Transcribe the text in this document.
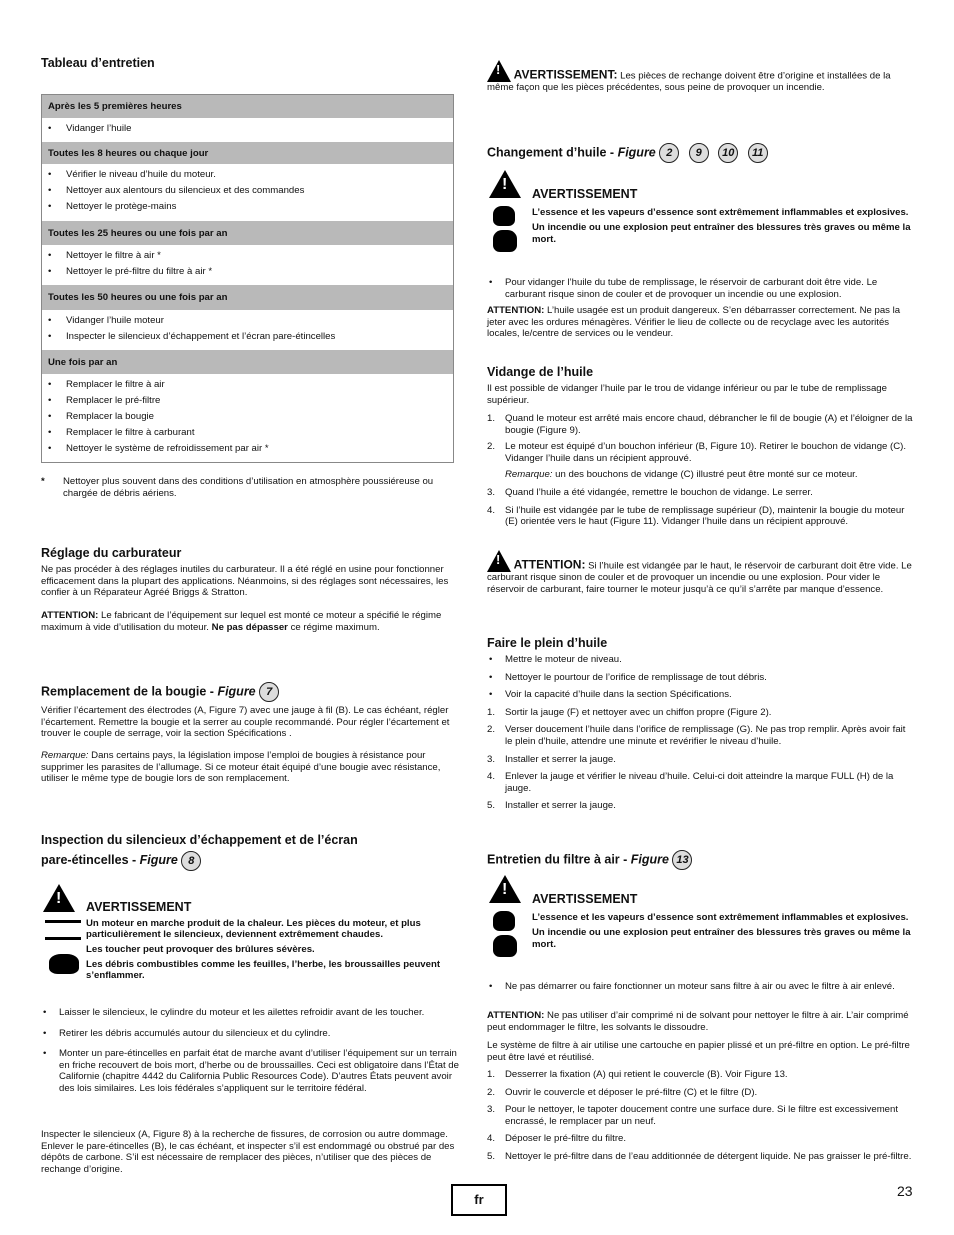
Tableau d’entretien
Après les 5 premières heures
• Vidanger l’huile
Toutes les 8 heures ou chaque jour
• Vérifier le niveau d’huile du moteur.
• Nettoyer aux alentours du silencieux et des commandes
• Nettoyer le protège-mains
Toutes les 25 heures ou une fois par an
• Nettoyer le filtre à air *
• Nettoyer le pré-filtre du filtre à air *
Toutes les 50 heures ou une fois par an
• Vidanger l’huile moteur
• Inspecter le silencieux d’échappement et l’écran pare-étincelles
Une fois par an
• Remplacer le filtre à air
• Remplacer le pré-filtre
• Remplacer la bougie
• Remplacer le filtre à carburant
• Nettoyer le système de refroidissement par air *
*	Nettoyer plus souvent dans des conditions d’utilisation en atmosphère poussiéreuse ou chargée de débris aériens.
Réglage du carburateur
Ne pas procéder à des réglages inutiles du carburateur. Il a été réglé en usine pour fonctionner efficacement dans la plupart des applications. Néanmoins, si des réglages sont nécessaires, les confier à un Réparateur Agréé Briggs & Stratton.
ATTENTION: Le fabricant de l’équipement sur lequel est monté ce moteur a spécifié le régime maximum à vide d’utilisation du moteur. Ne pas dépasser ce régime maximum.
Remplacement de la bougie - Figure 7
Vérifier l’écartement des électrodes (A, Figure 7) avec une jauge à fil (B). Le cas échéant, régler l’écartement. Remettre la bougie et la serrer au couple recommandé. Pour régler l’écartement et trouver le couple de serrage, voir la section Spécifications .
Remarque: Dans certains pays, la législation impose l’emploi de bougies à résistance pour supprimer les parasites de l’allumage. Si ce moteur était équipé d’une bougie avec résistance, utiliser le même type de bougie lors de son remplacement.
Inspection du silencieux d’échappement et de l’écran
pare-étincelles - Figure 8
! AVERTISSEMENT
Un moteur en marche produit de la chaleur. Les pièces du moteur, et plus particulièrement le silencieux, deviennent extrêmement chaudes.
Les toucher peut provoquer des brûlures sévères.
Les débris combustibles comme les feuilles, l’herbe, les broussailles peuvent s’enflammer.
• Laisser le silencieux, le cylindre du moteur et les ailettes refroidir avant de les toucher.
• Retirer les débris accumulés autour du silencieux et du cylindre.
• Monter un pare-étincelles en parfait état de marche avant d’utiliser l’équipement sur un terrain en friche recouvert de bois mort, d’herbe ou de broussailles. Ceci est obligatoire dans l’État de Californie (chapitre 4442 du California Public Resources Code). D’autres États peuvent avoir des lois similaires. Les lois fédérales s’appliquent sur le territoire fédéral.
Inspecter le silencieux (A, Figure 8) à la recherche de fissures, de corrosion ou autre dommage. Enlever le pare-étincelles (B), le cas échéant, et inspecter s’il est endommagé ou obstrué par des dépôts de carbone. S’il est nécessaire de remplacer des pièces, n’utiliser que des pièces de rechange d’origine.
! AVERTISSEMENT: Les pièces de rechange doivent être d’origine et installées de la même façon que les pièces précédentes, sous peine de provoquer un incendie.
Changement d’huile - Figure 2 9 10 11
!
AVERTISSEMENT
L’essence et les vapeurs d’essence sont extrêmement inflammables et explosives.
Un incendie ou une explosion peut entraîner des blessures très graves ou même la mort.
• Pour vidanger l’huile du tube de remplissage, le réservoir de carburant doit être vide. Le carburant risque sinon de couler et de provoquer un incendie ou une explosion.
ATTENTION: L’huile usagée est un produit dangereux. S’en débarrasser correctement. Ne pas la jeter avec les ordures ménagères. Vérifier le lieu de collecte ou de recyclage avec les autorités locales, le/centre de services ou le vendeur.
Vidange de l’huile
Il est possible de vidanger l’huile par le trou de vidange inférieur ou par le tube de remplissage supérieur.
1. Quand le moteur est arrêté mais encore chaud, débrancher le fil de bougie (A) et l’éloigner de la bougie (Figure 9).
2. Le moteur est équipé d’un bouchon inférieur (B, Figure 10). Retirer le bouchon de vidange (C). Vidanger l’huile dans un récipient approuvé.
Remarque: un des bouchons de vidange (C) illustré peut être monté sur ce moteur.
3. Quand l’huile a été vidangée, remettre le bouchon de vidange. Le serrer.
4. Si l’huile est vidangée par le tube de remplissage supérieur (D), maintenir la bougie du moteur (E) orientée vers le haut (Figure 11). Vidanger l’huile dans un récipient approuvé.
! ATTENTION: Si l’huile est vidangée par le haut, le réservoir de carburant doit être vide. Le carburant risque sinon de couler et de provoquer un incendie ou une explosion. Pour vider le réservoir de carburant, faire tourner le moteur jusqu’à ce qu’il s’arrête par manque d’essence.
Faire le plein d’huile
• Mettre le moteur de niveau.
• Nettoyer le pourtour de l’orifice de remplissage de tout débris.
• Voir la capacité d’huile dans la section Spécifications.
1. Sortir la jauge (F) et nettoyer avec un chiffon propre (Figure 2).
2. Verser doucement l’huile dans l’orifice de remplissage (G). Ne pas trop remplir. Après avoir fait le plein d’huile, attendre une minute et revérifier le niveau d’huile.
3. Installer et serrer la jauge.
4. Enlever la jauge et vérifier le niveau d’huile. Celui-ci doit atteindre la marque FULL (H) de la jauge.
5. Installer et serrer la jauge.
Entretien du filtre à air - Figure 13
!
AVERTISSEMENT
L’essence et les vapeurs d’essence sont extrêmement inflammables et explosives.
Un incendie ou une explosion peut entraîner des blessures très graves ou même la mort.
• Ne pas démarrer ou faire fonctionner un moteur sans filtre à air ou avec le filtre à air enlevé.
ATTENTION: Ne pas utiliser d’air comprimé ni de solvant pour nettoyer le filtre à air. L’air comprimé peut endommager le filtre, les solvants le dissoudre.
Le système de filtre à air utilise une cartouche en papier plissé et un pré-filtre en option. Le pré-filtre peut être lavé et réutilisé.
1. Desserrer la fixation (A) qui retient le couvercle (B). Voir Figure 13.
2. Ouvrir le couvercle et déposer le pré-filtre (C) et le filtre (D).
3. Pour le nettoyer, le tapoter doucement contre une surface dure. Si le filtre est excessivement encrassé, le remplacer par un neuf.
4. Déposer le pré-filtre du filtre.
5. Nettoyer le pré-filtre dans de l’eau additionnée de détergent liquide. Ne pas graisser le pré-filtre.
fr
23
